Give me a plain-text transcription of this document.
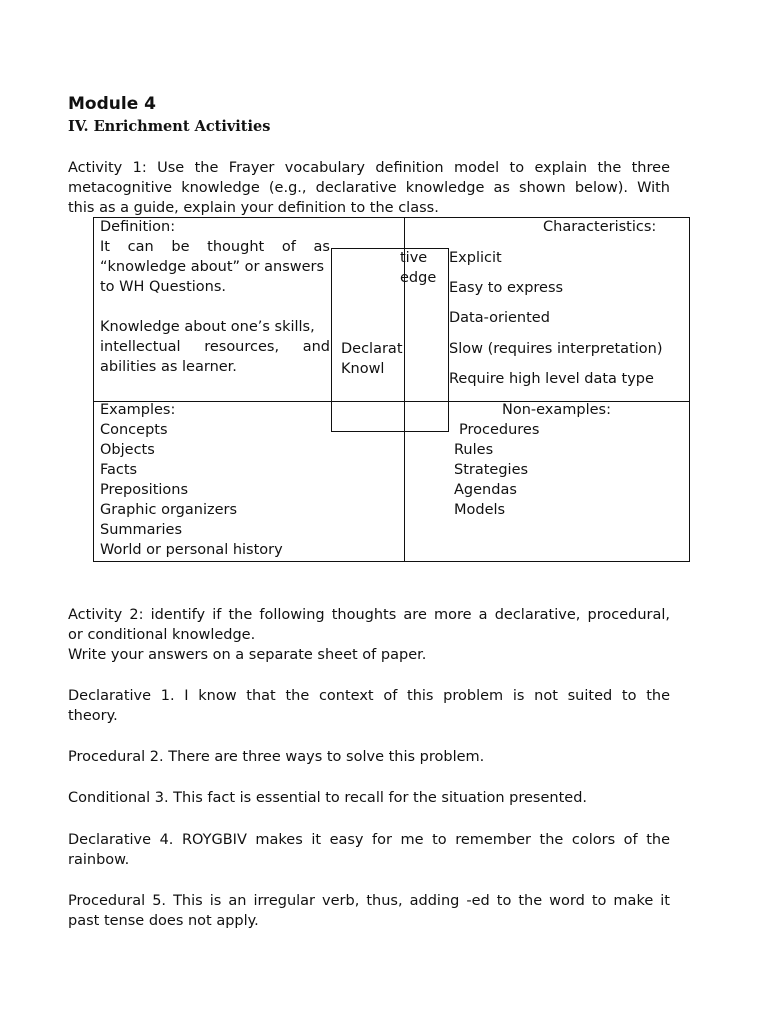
Module 4
IV. Enrichment Activities
Activity 1: Use the Frayer vocabulary definition model to explain the three
metacognitive knowledge (e.g., declarative knowledge as shown below). With
this as a guide, explain your definition to the class.
Definition:
It can be thought of as
“knowledge about” or answers
to WH Questions.
Knowledge about one’s skills,
intellectual resources, and
abilities as learner.
Characteristics:
Explicit
Easy to express
Data-oriented
Slow (requires interpretation)
Require high level data type
tive
edge
Declarat
Knowl
Examples:
Concepts
Objects
Facts
Prepositions
Graphic organizers
Summaries
World or personal history
Non-examples:
Procedures
Rules
Strategies
Agendas
Models
Activity 2: identify if the following thoughts are more a declarative, procedural,
or conditional knowledge.
Write your answers on a separate sheet of paper.
Declarative 1. I know that the context of this problem is not suited to the
theory.
Procedural 2. There are three ways to solve this problem.
Conditional 3. This fact is essential to recall for the situation presented.
Declarative 4. ROYGBIV makes it easy for me to remember the colors of the
rainbow.
Procedural 5. This is an irregular verb, thus, adding -ed to the word to make it
past tense does not apply.
